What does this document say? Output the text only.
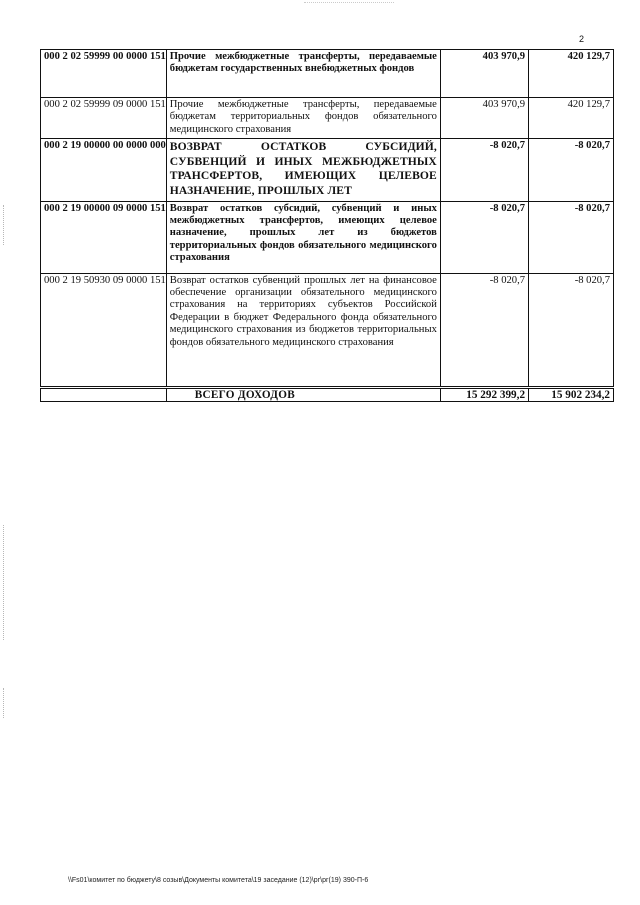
2
000 2 02 59999 00 0000 151	Прочие межбюджетные трансферты, передаваемые бюджетам государственных внебюджетных фондов	403 970,9	420 129,7
000 2 02 59999 09 0000 151	Прочие межбюджетные трансферты, передаваемые бюджетам территориальных фондов обязательного медицинского страхования	403 970,9	420 129,7
000 2 19 00000 00 0000 000	ВОЗВРАТ ОСТАТКОВ СУБСИДИЙ, СУБВЕНЦИЙ И ИНЫХ МЕЖБЮДЖЕТНЫХ ТРАНСФЕРТОВ, ИМЕЮЩИХ ЦЕЛЕВОЕ НАЗНАЧЕНИЕ, ПРОШЛЫХ ЛЕТ	-8 020,7	-8 020,7
000 2 19 00000 09 0000 151	Возврат остатков субсидий, субвенций и иных межбюджетных трансфертов, имеющих целевое назначение, прошлых лет из бюджетов территориальных фондов обязательного медицинского страхования	-8 020,7	-8 020,7
000 2 19 50930 09 0000 151	Возврат остатков субвенций прошлых лет на финансовое обеспечение организации обязательного медицинского страхования на территориях субъектов Российской Федерации в бюджет Федерального фонда обязательного медицинского страхования из бюджетов территориальных фондов обязательного медицинского страхования	-8 020,7	-8 020,7
	ВСЕГО ДОХОДОВ	15 292 399,2	15 902 234,2
\\Fs01\комитет по бюджету\8 созыв\Документы комитета\19 заседание (12)\рг\рг(19) 390-П-6
